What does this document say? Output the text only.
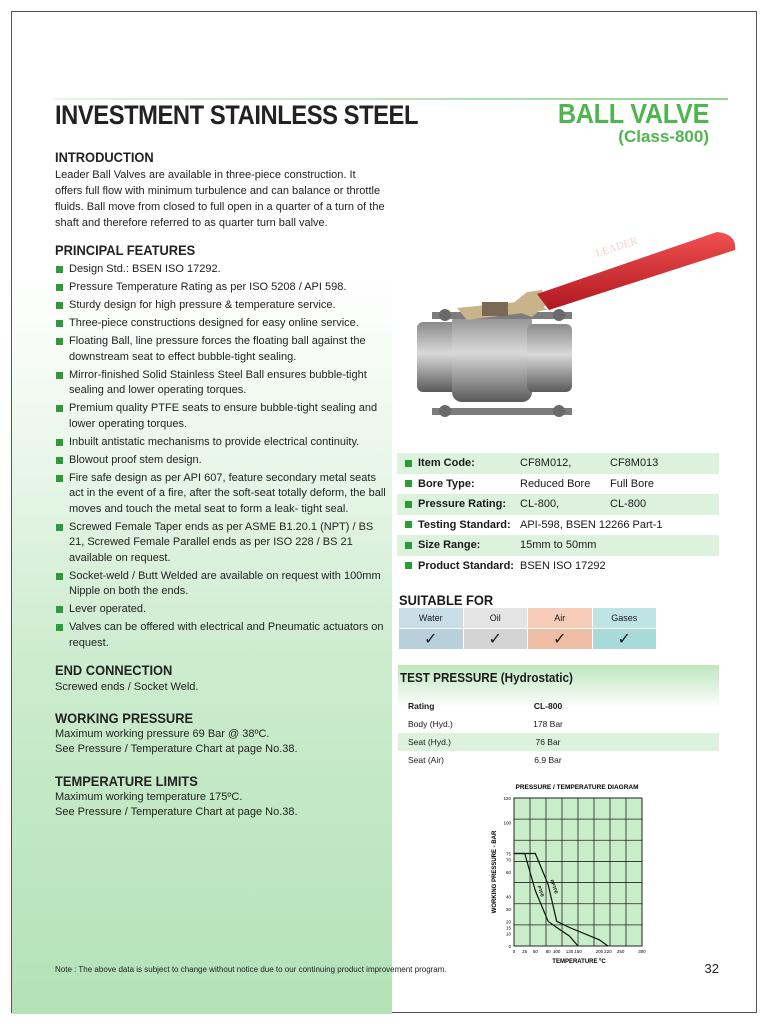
INVESTMENT STAINLESS STEEL	BALL VALVE
(Class-800)
INTRODUCTION
Leader Ball Valves are available in three-piece construction. It offers full flow with minimum turbulence and can balance or throttle fluids. Ball move from closed to full open in a quarter of a turn of the shaft and therefore referred to as quarter turn ball valve.
PRINCIPAL FEATURES
Design Std.: BSEN ISO 17292.
Pressure Temperature Rating as per ISO 5208 / API 598.
Sturdy design for high pressure & temperature service.
Three-piece constructions designed for easy online service.
Floating Ball, line pressure forces the floating ball against the downstream seat to effect bubble-tight sealing.
Mirror-finished Solid Stainless Steel Ball ensures bubble-tight sealing and lower operating torques.
Premium quality PTFE seats to ensure bubble-tight sealing and lower operating torques.
Inbuilt antistatic mechanisms to provide electrical continuity.
Blowout proof stem design.
Fire safe design as per API 607, feature secondary metal seats act in the event of a fire, after the soft-seat totally deform, the ball moves and touch the metal seat to form a leak- tight seal.
Screwed Female Taper ends as per ASME B1.20.1 (NPT) / BS 21, Screwed Female Parallel ends as per ISO 228 / BS 21 available on request.
Socket-weld / Butt Welded are available on request with 100mm Nipple on both the ends.
Lever operated.
Valves can be offered with electrical and Pneumatic actuators on request.
END CONNECTION
Screwed ends / Socket Weld.
WORKING PRESSURE
Maximum working pressure 69 Bar @ 38ºC.
See Pressure / Temperature Chart at page No.38.
TEMPERATURE LIMITS
Maximum working temperature 175ºC.
See Pressure / Temperature Chart at page No.38.
LEADER
Item Code:	CF8M012,	CF8M013
Bore Type:	Reduced Bore	Full Bore
Pressure Rating:	CL-800,	CL-800
Testing Standard: API-598, BSEN 12266 Part-1
Size Range:	15mm to 50mm
Product Standard: BSEN ISO 17292
SUITABLE FOR
Water	Oil	Air	Gases
✓	✓	✓	✓
TEST PRESSURE (Hydrostatic)
Rating	CL-800
Body (Hyd.)	178 Bar
Seat (Hyd.)	76 Bar
Seat (Air)	6.9 Bar
PRESSURE / TEMPERATURE DIAGRAM
TEMPERATURE ºC
WORKING PRESSURE - BAR
0 25 50 80 100 130 150	200 220 250	300
0
10
15
20
30
40
60
70
75
100
120
PTFE RPTFE
Note : The above data is subject to change without notice due to our continuing product improvement program.	32
